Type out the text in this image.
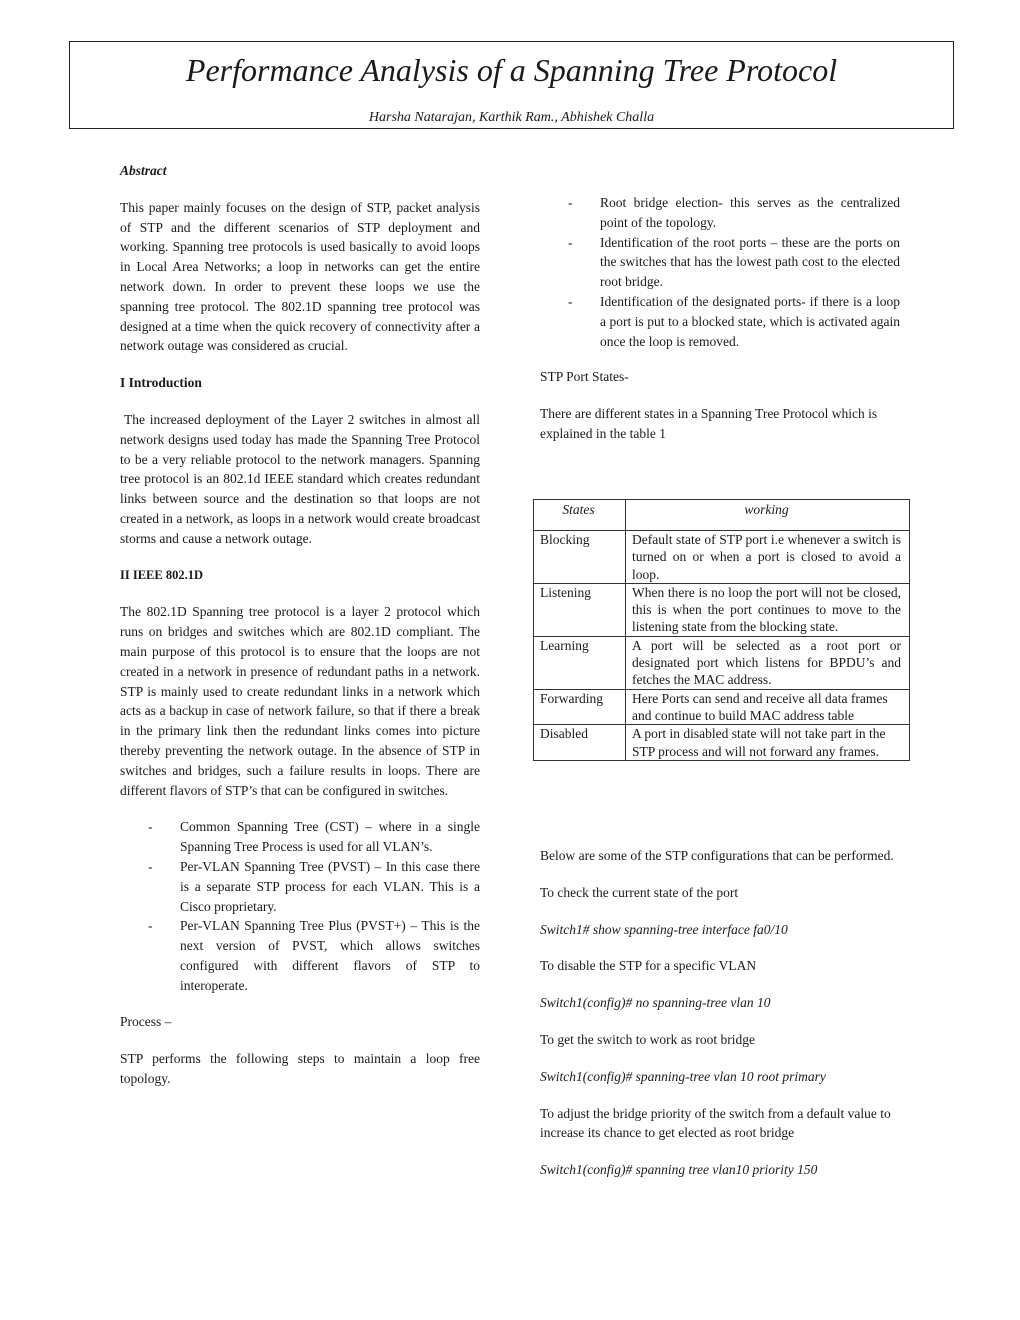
Performance Analysis of a Spanning Tree Protocol
Harsha Natarajan, Karthik Ram., Abhishek Challa
Abstract

This paper mainly focuses on the design of STP, packet analysis of STP and the different scenarios of STP deployment and working. Spanning tree protocols is used basically to avoid loops in Local Area Networks; a loop in networks can get the entire network down. In order to prevent these loops we use the spanning tree protocol. The 802.1D spanning tree protocol was designed at a time when the quick recovery of connectivity after a network outage was considered as crucial.

I Introduction

The increased deployment of the Layer 2 switches in almost all network designs used today has made the Spanning Tree Protocol to be a very reliable protocol to the network managers. Spanning tree protocol is an 802.1d IEEE standard which creates redundant links between source and the destination so that loops are not created in a network, as loops in a network would create broadcast storms and cause a network outage.

II IEEE 802.1D

The 802.1D Spanning tree protocol is a layer 2 protocol which runs on bridges and switches which are 802.1D compliant. The main purpose of this protocol is to ensure that the loops are not created in a network in presence of redundant paths in a network. STP is mainly used to create redundant links in a network which acts as a backup in case of network failure, so that if there a break in the primary link then the redundant links comes into picture thereby preventing the network outage. In the absence of STP in switches and bridges, such a failure results in loops. There are different flavors of STP’s that can be configured in switches.

- Common Spanning Tree (CST) – where in a single Spanning Tree Process is used for all VLAN’s.
- Per-VLAN Spanning Tree (PVST) – In this case there is a separate STP process for each VLAN. This is a Cisco proprietary.
- Per-VLAN Spanning Tree Plus (PVST+) – This is the next version of PVST, which allows switches configured with different flavors of STP to interoperate.

Process –

STP performs the following steps to maintain a loop free topology.

- Root bridge election- this serves as the centralized point of the topology.
- Identification of the root ports – these are the ports on the switches that has the lowest path cost to the elected root bridge.
- Identification of the designated ports- if there is a loop a port is put to a blocked state, which is activated again once the loop is removed.

STP Port States-

There are different states in a Spanning Tree Protocol which is explained in the table 1

States	working
Blocking	Default state of STP port i.e whenever a switch is turned on or when a port is closed to avoid a loop.
Listening	When there is no loop the port will not be closed, this is when the port continues to move to the listening state from the blocking state.
Learning	A port will be selected as a root port or designated port which listens for BPDU’s and fetches the MAC address.
Forwarding	Here Ports can send and receive all data frames and continue to build MAC address table
Disabled	A port in disabled state will not take part in the STP process and will not forward any frames.

Below are some of the STP configurations that can be performed.

To check the current state of the port

Switch1# show spanning-tree interface fa0/10

To disable the STP for a specific VLAN

Switch1(config)# no spanning-tree vlan 10

To get the switch to work as root bridge

Switch1(config)# spanning-tree vlan 10 root primary

To adjust the bridge priority of the switch from a default value to increase its chance to get elected as root bridge

Switch1(config)# spanning tree vlan10 priority 150
